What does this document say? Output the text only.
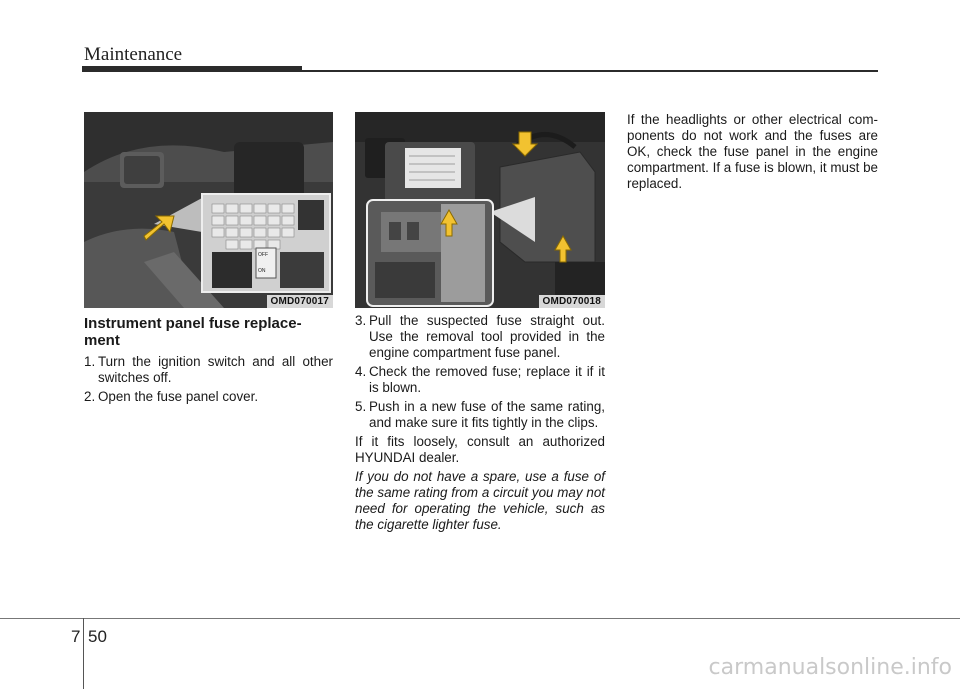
Maintenance
OFF
ON
OMD070017	OMD070018
Instrument panel fuse replace-ment
1. Turn the ignition switch and all other switches off.
2. Open the fuse panel cover.
3. Pull the suspected fuse straight out. Use the removal tool provided in the engine compartment fuse panel.
4. Check the removed fuse; replace it if it is blown.
5. Push in a new fuse of the same rating, and make sure it fits tightly in the clips.

If it fits loosely, consult an authorized HYUNDAI dealer.

If you do not have a spare, use a fuse of the same rating from a circuit you may not need for operating the vehicle, such as the cigarette lighter fuse.

If the headlights or other electrical com-ponents do not work and the fuses are OK, check the fuse panel in the engine compartment. If a fuse is blown, it must be replaced.

7 50
carmanualsonline.info
